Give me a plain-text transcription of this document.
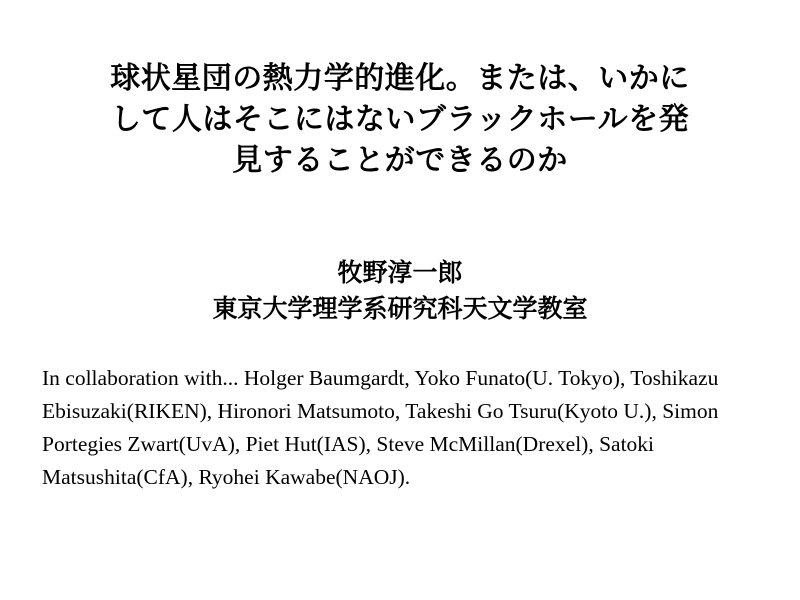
球状星団の熱力学的進化。または、いかに
して人はそこにはないブラックホールを発
見することができるのか
牧野淳一郎
東京大学理学系研究科天文学教室
In collaboration with... Holger Baumgardt, Yoko Funato(U. Tokyo), Toshikazu Ebisuzaki(RIKEN), Hironori Matsumoto, Takeshi Go Tsuru(Kyoto U.), Simon Portegies Zwart(UvA), Piet Hut(IAS), Steve McMillan(Drexel), Satoki Matsushita(CfA), Ryohei Kawabe(NAOJ).
